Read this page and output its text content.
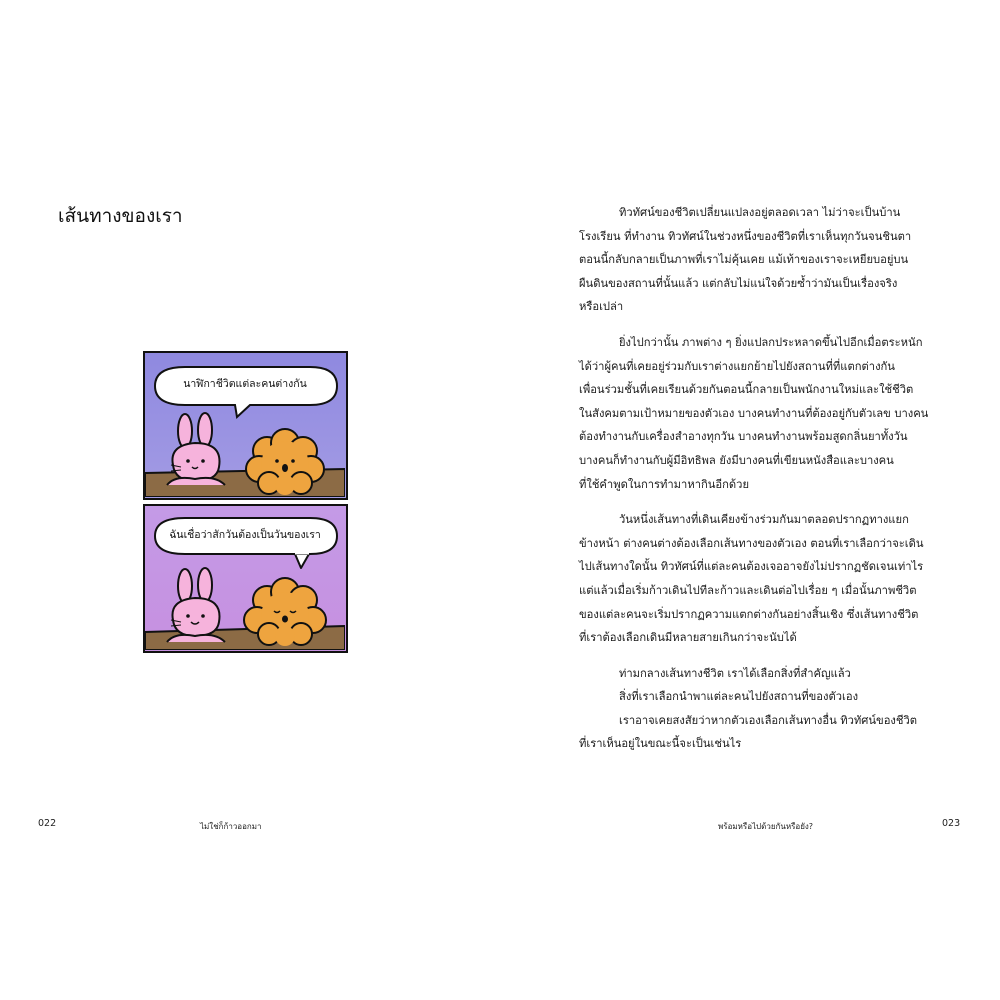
เส้นทางของเรา
นาฬิกาชีวิตแต่ละคนต่างกัน
ฉันเชื่อว่าสักวันต้องเป็นวันของเรา
022	ไม่ใช่ก็ก้าวออกมา

ทิวทัศน์ของชีวิตเปลี่ยนแปลงอยู่ตลอดเวลา ไม่ว่าจะเป็นบ้าน
โรงเรียน ที่ทำงาน ทิวทัศน์ในช่วงหนึ่งของชีวิตที่เราเห็นทุกวันจนชินตา
ตอนนี้กลับกลายเป็นภาพที่เราไม่คุ้นเคย แม้เท้าของเราจะเหยียบอยู่บน
ผืนดินของสถานที่นั้นแล้ว แต่กลับไม่แน่ใจด้วยซ้ำว่ามันเป็นเรื่องจริง
หรือเปล่า

ยิ่งไปกว่านั้น ภาพต่าง ๆ ยิ่งแปลกประหลาดขึ้นไปอีกเมื่อตระหนัก
ได้ว่าผู้คนที่เคยอยู่ร่วมกับเราต่างแยกย้ายไปยังสถานที่ที่แตกต่างกัน
เพื่อนร่วมชั้นที่เคยเรียนด้วยกันตอนนี้กลายเป็นพนักงานใหม่และใช้ชีวิต
ในสังคมตามเป้าหมายของตัวเอง บางคนทำงานที่ต้องอยู่กับตัวเลข บางคน
ต้องทำงานกับเครื่องสำอางทุกวัน บางคนทำงานพร้อมสูดกลิ่นยาทั้งวัน
บางคนก็ทำงานกับผู้มีอิทธิพล ยังมีบางคนที่เขียนหนังสือและบางคน
ที่ใช้คำพูดในการทำมาหากินอีกด้วย

วันหนึ่งเส้นทางที่เดินเคียงข้างร่วมกันมาตลอดปรากฏทางแยก
ข้างหน้า ต่างคนต่างต้องเลือกเส้นทางของตัวเอง ตอนที่เราเลือกว่าจะเดิน
ไปเส้นทางใดนั้น ทิวทัศน์ที่แต่ละคนต้องเจออาจยังไม่ปรากฏชัดเจนเท่าไร
แต่แล้วเมื่อเริ่มก้าวเดินไปทีละก้าวและเดินต่อไปเรื่อย ๆ เมื่อนั้นภาพชีวิต
ของแต่ละคนจะเริ่มปรากฏความแตกต่างกันอย่างสิ้นเชิง ซึ่งเส้นทางชีวิต
ที่เราต้องเลือกเดินมีหลายสายเกินกว่าจะนับได้

ท่ามกลางเส้นทางชีวิต เราได้เลือกสิ่งที่สำคัญแล้ว
สิ่งที่เราเลือกนำพาแต่ละคนไปยังสถานที่ของตัวเอง
เราอาจเคยสงสัยว่าหากตัวเองเลือกเส้นทางอื่น ทิวทัศน์ของชีวิต
ที่เราเห็นอยู่ในขณะนี้จะเป็นเช่นไร

พร้อมหรือไปด้วยกันหรือยัง?	023
